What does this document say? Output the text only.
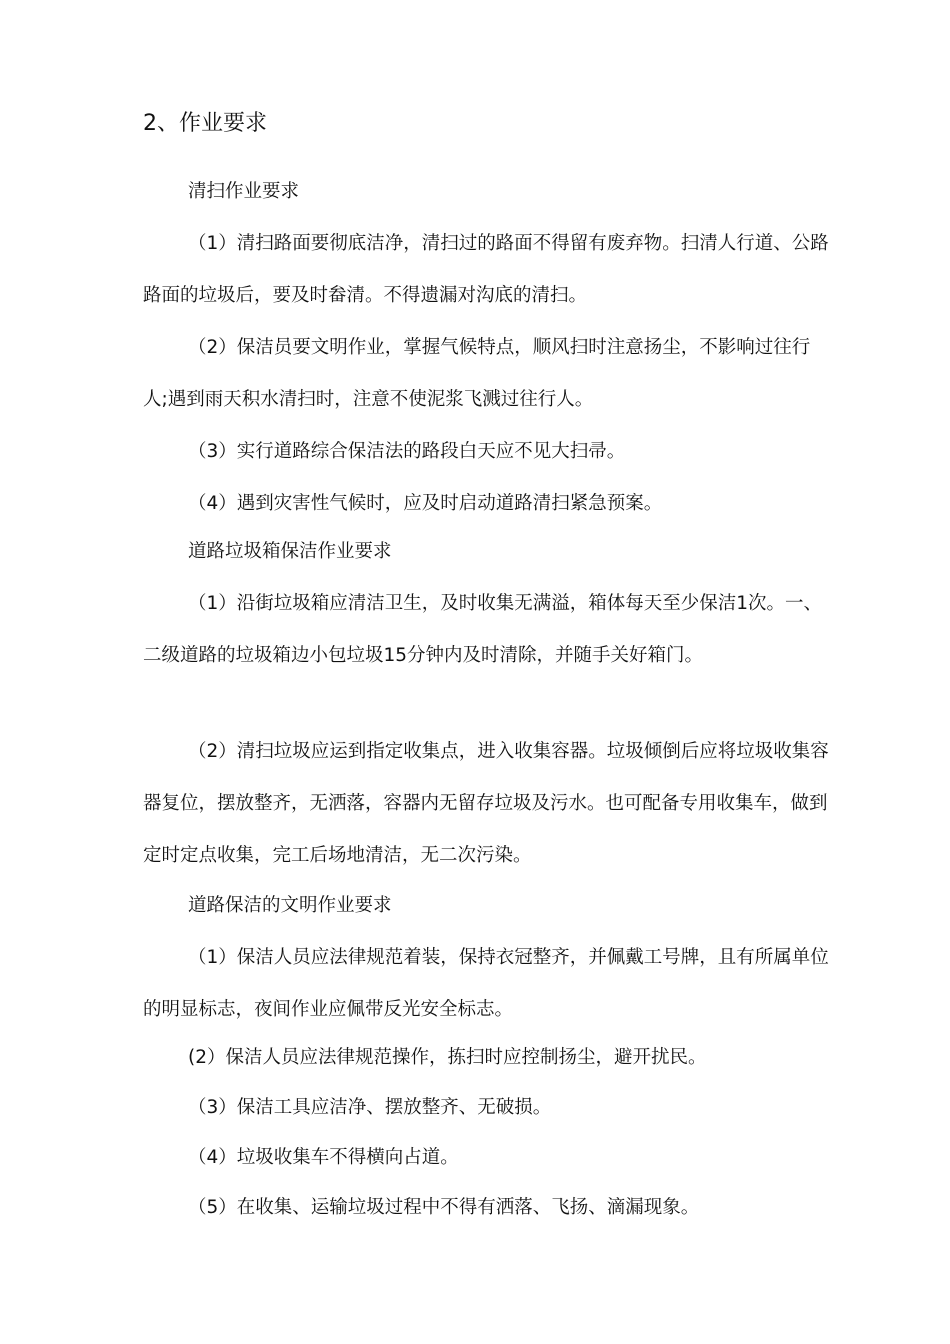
2、作业要求
清扫作业要求
（1）清扫路面要彻底洁净，清扫过的路面不得留有废弃物。扫清人行道、公路路面的垃圾后，要及时畚清。不得遗漏对沟底的清扫。
（2）保洁员要文明作业，掌握气候特点，顺风扫时注意扬尘，不影响过往行人;遇到雨天积水清扫时，注意不使泥浆飞溅过往行人。
（3）实行道路综合保洁法的路段白天应不见大扫帚。
（4）遇到灾害性气候时，应及时启动道路清扫紧急预案。
道路垃圾箱保洁作业要求
（1）沿街垃圾箱应清洁卫生，及时收集无满溢，箱体每天至少保洁1次。一、二级道路的垃圾箱边小包垃圾15分钟内及时清除，并随手关好箱门。
（2）清扫垃圾应运到指定收集点，进入收集容器。垃圾倾倒后应将垃圾收集容器复位，摆放整齐，无洒落，容器内无留存垃圾及污水。也可配备专用收集车，做到定时定点收集，完工后场地清洁，无二次污染。
道路保洁的文明作业要求
（1）保洁人员应法律规范着装，保持衣冠整齐，并佩戴工号牌，且有所属单位的明显标志，夜间作业应佩带反光安全标志。
(2）保洁人员应法律规范操作，拣扫时应控制扬尘，避开扰民。
（3）保洁工具应洁净、摆放整齐、无破损。
（4）垃圾收集车不得横向占道。
（5）在收集、运输垃圾过程中不得有洒落、飞扬、滴漏现象。
